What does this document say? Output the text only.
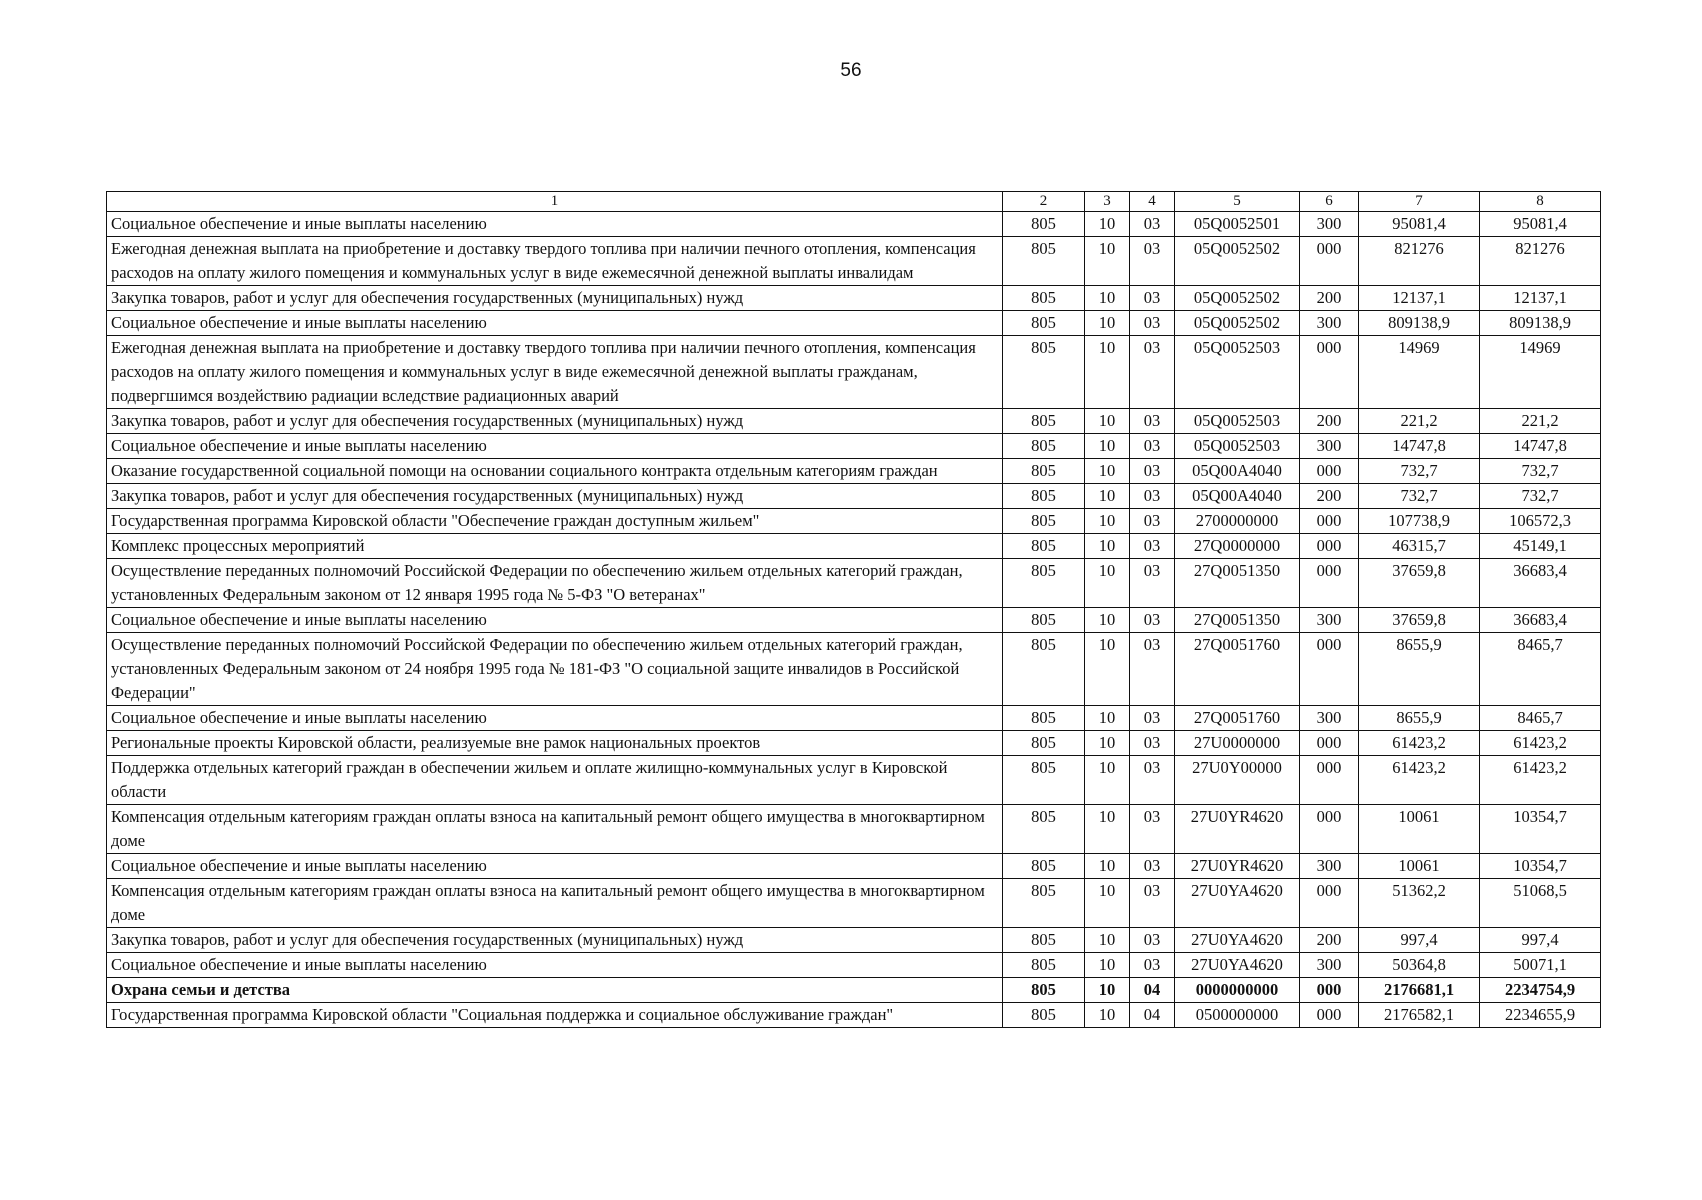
56
1	2	3	4	5	6	7	8
Социальное обеспечение и иные выплаты населению	805	10	03	05Q0052501	300	95081,4	95081,4
Ежегодная денежная выплата на приобретение и доставку твердого топлива при наличии печного отопления, компенсация расходов на оплату жилого помещения и коммунальных услуг в виде ежемесячной денежной выплаты инвалидам	805	10	03	05Q0052502	000	821276	821276
Закупка товаров, работ и услуг для обеспечения государственных (муниципальных) нужд	805	10	03	05Q0052502	200	12137,1	12137,1
Социальное обеспечение и иные выплаты населению	805	10	03	05Q0052502	300	809138,9	809138,9
Ежегодная денежная выплата на приобретение и доставку твердого топлива при наличии печного отопления, компенсация расходов на оплату жилого помещения и коммунальных услуг в виде ежемесячной денежной выплаты гражданам, подвергшимся воздействию радиации вследствие радиационных аварий	805	10	03	05Q0052503	000	14969	14969
Закупка товаров, работ и услуг для обеспечения государственных (муниципальных) нужд	805	10	03	05Q0052503	200	221,2	221,2
Социальное обеспечение и иные выплаты населению	805	10	03	05Q0052503	300	14747,8	14747,8
Оказание государственной социальной помощи на основании социального контракта отдельным категориям граждан	805	10	03	05Q00A4040	000	732,7	732,7
Закупка товаров, работ и услуг для обеспечения государственных (муниципальных) нужд	805	10	03	05Q00A4040	200	732,7	732,7
Государственная программа Кировской области "Обеспечение граждан доступным жильем"	805	10	03	2700000000	000	107738,9	106572,3
Комплекс процессных мероприятий	805	10	03	27Q0000000	000	46315,7	45149,1
Осуществление переданных полномочий Российской Федерации по обеспечению жильем отдельных категорий граждан, установленных Федеральным законом от 12 января 1995 года № 5-ФЗ "О ветеранах"	805	10	03	27Q0051350	000	37659,8	36683,4
Социальное обеспечение и иные выплаты населению	805	10	03	27Q0051350	300	37659,8	36683,4
Осуществление переданных полномочий Российской Федерации по обеспечению жильем отдельных категорий граждан, установленных Федеральным законом от 24 ноября 1995 года № 181-ФЗ "О социальной защите инвалидов в Российской Федерации"	805	10	03	27Q0051760	000	8655,9	8465,7
Социальное обеспечение и иные выплаты населению	805	10	03	27Q0051760	300	8655,9	8465,7
Региональные проекты Кировской области, реализуемые вне рамок национальных проектов	805	10	03	27U0000000	000	61423,2	61423,2
Поддержка отдельных категорий граждан в обеспечении жильем и оплате жилищно-коммунальных услуг в Кировской области	805	10	03	27U0Y00000	000	61423,2	61423,2
Компенсация отдельным категориям граждан оплаты взноса на капитальный ремонт общего имущества в многоквартирном доме	805	10	03	27U0YR4620	000	10061	10354,7
Социальное обеспечение и иные выплаты населению	805	10	03	27U0YR4620	300	10061	10354,7
Компенсация отдельным категориям граждан оплаты взноса на капитальный ремонт общего имущества в многоквартирном доме	805	10	03	27U0YA4620	000	51362,2	51068,5
Закупка товаров, работ и услуг для обеспечения государственных (муниципальных) нужд	805	10	03	27U0YA4620	200	997,4	997,4
Социальное обеспечение и иные выплаты населению	805	10	03	27U0YA4620	300	50364,8	50071,1
Охрана семьи и детства	805	10	04	0000000000	000	2176681,1	2234754,9
Государственная программа Кировской области "Социальная поддержка и социальное обслуживание граждан"	805	10	04	0500000000	000	2176582,1	2234655,9
